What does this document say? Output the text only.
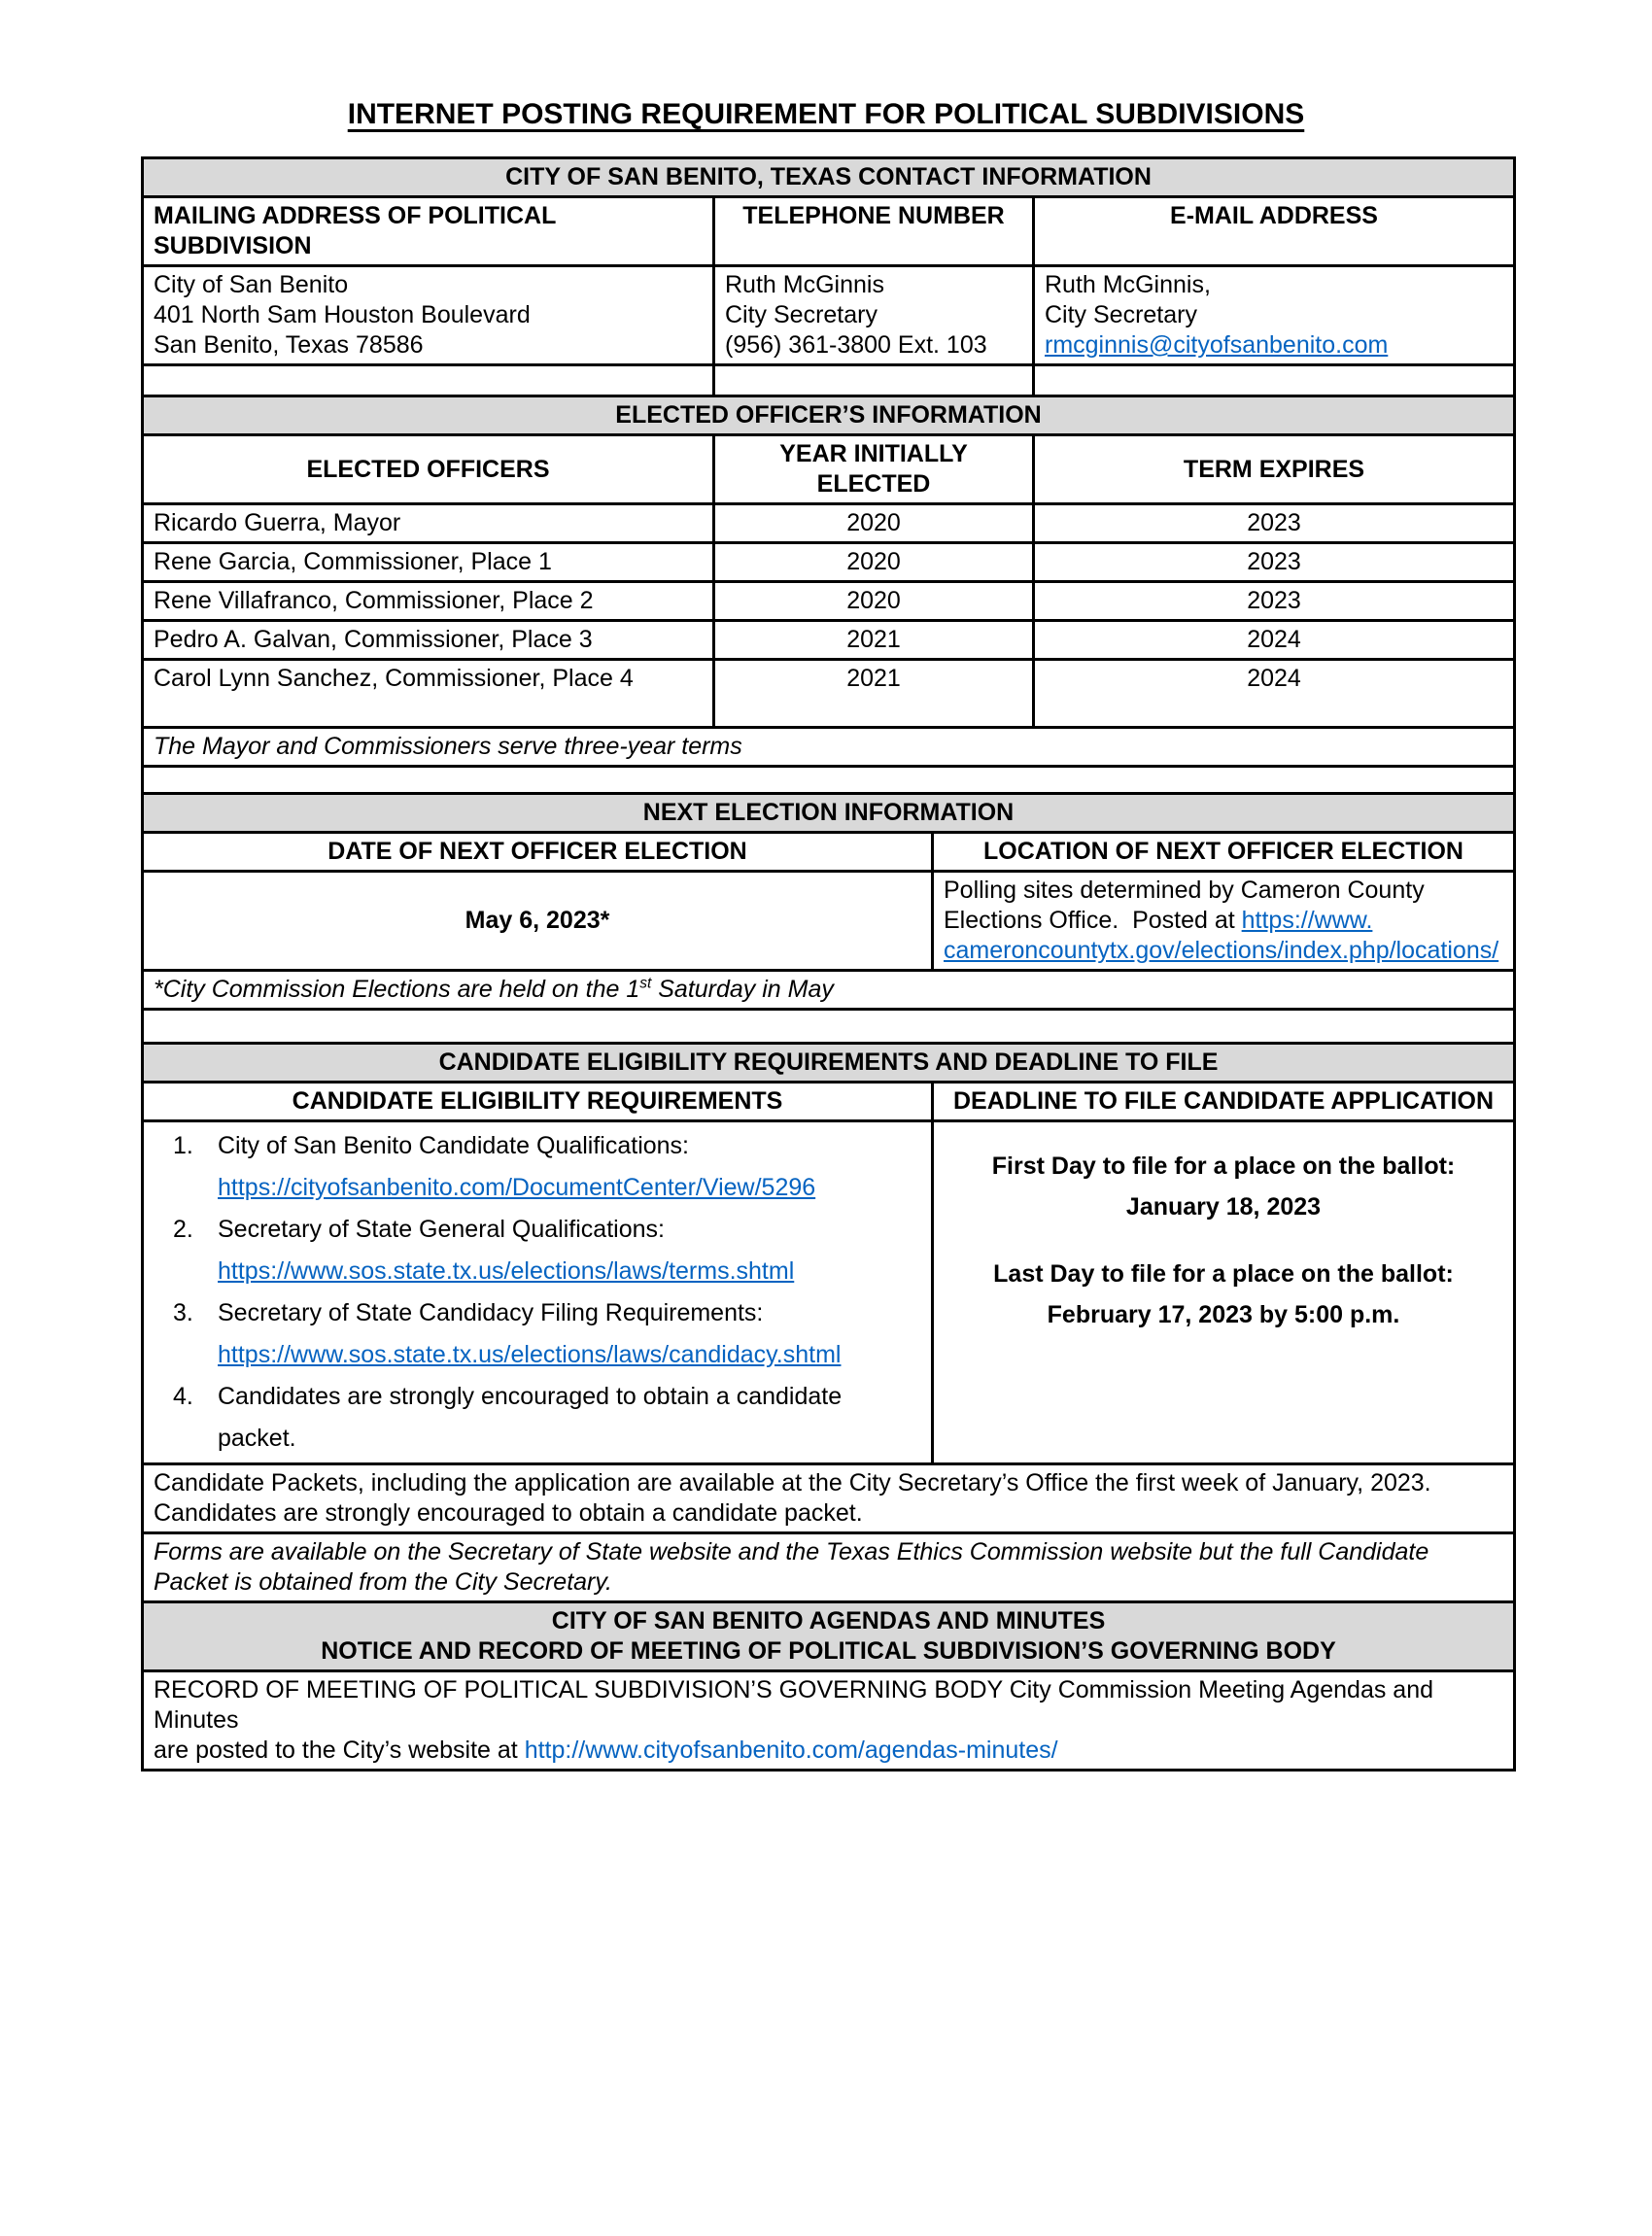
INTERNET POSTING REQUIREMENT FOR POLITICAL SUBDIVISIONS
CITY OF SAN BENITO, TEXAS CONTACT INFORMATION			

MAILING ADDRESS OF POLITICAL SUBDIVISION	TELEPHONE NUMBER		E-MAIL ADDRESS

City of San Benito
401 North Sam Houston Boulevard
San Benito, Texas 78586

Ruth McGinnis
City Secretary
(956) 361-3800 Ext. 103

Ruth McGinnis,
City Secretary
rmcginnis@cityofsanbenito.com

ELECTED OFFICER’S INFORMATION			
ELECTED OFFICERS	YEAR INITIALLY ELECTED		TERM EXPIRES
Ricardo Guerra, Mayor	2020		2023
Rene Garcia, Commissioner, Place 1	2020		2023
Rene Villafranco, Commissioner, Place 2	2020		2023
Pedro A. Galvan, Commissioner, Place 3	2021		2024
Carol Lynn Sanchez, Commissioner, Place 4	2021		2024
The Mayor and Commissioners serve three-year terms			

NEXT ELECTION INFORMATION			
DATE OF NEXT OFFICER ELECTION		LOCATION OF NEXT OFFICER ELECTION	
May 6, 2023*		Polling sites determined by Cameron County
Elections Office.  Posted at https://www.
cameroncountytx.gov/elections/index.php/locations/	

*City Commission Elections are held on the 1st Saturday in May			

CANDIDATE ELIGIBILITY REQUIREMENTS AND DEADLINE TO FILE			
CANDIDATE ELIGIBILITY REQUIREMENTS		DEADLINE TO FILE CANDIDATE APPLICATION	

1. City of San Benito Candidate Qualifications:
https://cityofsanbenito.com/DocumentCenter/View/5296
2. Secretary of State General Qualifications:
https://www.sos.state.tx.us/elections/laws/terms.shtml
3. Secretary of State Candidacy Filing Requirements:
https://www.sos.state.tx.us/elections/laws/candidacy.shtml
4. Candidates are strongly encouraged to obtain a candidate packet.

First Day to file for a place on the ballot:
January 18, 2023
Last Day to file for a place on the ballot:
February 17, 2023 by 5:00 p.m.

Candidate Packets, including the application are available at the City Secretary’s Office the first week of January, 2023.
Candidates are strongly encouraged to obtain a candidate packet.			

Forms are available on the Secretary of State website and the Texas Ethics Commission website but the full Candidate
Packet is obtained from the City Secretary.			

CITY OF SAN BENITO AGENDAS AND MINUTES
NOTICE AND RECORD OF MEETING OF POLITICAL SUBDIVISION’S GOVERNING BODY			

RECORD OF MEETING OF POLITICAL SUBDIVISION’S GOVERNING BODY City Commission Meeting Agendas and Minutes
are posted to the City’s website at http://www.cityofsanbenito.com/agendas-minutes/			
